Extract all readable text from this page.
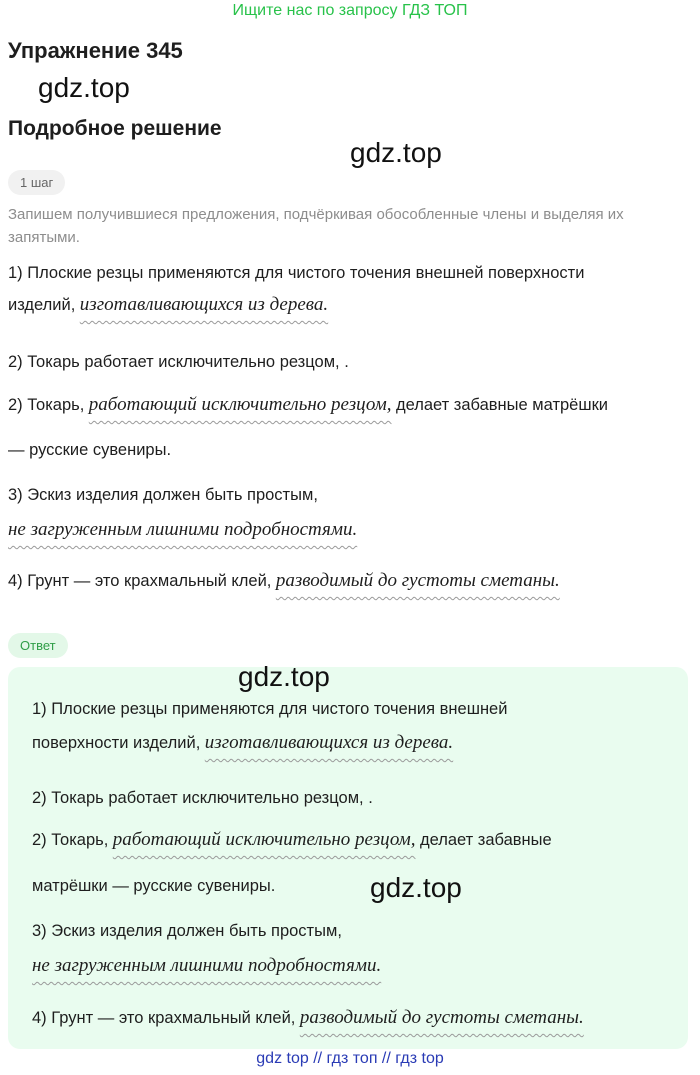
Ищите нас по запросу ГДЗ ТОП
Упражнение 345
gdz.top
Подробное решение
gdz.top
1 шаг
Запишем получившиеся предложения, подчёркивая обособленные члены и выделяя их
запятыми.
1) Плоские резцы применяются для чистого точения внешней поверхности
изделий, изготавливающихся из дерева.
2) Токарь работает исключительно резцом, .
2) Токарь, работающий исключительно резцом, делает забавные матрёшки
— русские сувениры.
3) Эскиз изделия должен быть простым,
не загруженным лишними подробностями.
4) Грунт — это крахмальный клей, разводимый до густоты сметаны.
Ответ
gdz.top
1) Плоские резцы применяются для чистого точения внешней
поверхности изделий, изготавливающихся из дерева.
2) Токарь работает исключительно резцом, .
2) Токарь, работающий исключительно резцом, делает забавные
матрёшки — русские сувениры.	gdz.top
3) Эскиз изделия должен быть простым,
не загруженным лишними подробностями.
4) Грунт — это крахмальный клей, разводимый до густоты сметаны.
gdz top // гдз топ // гдз top
